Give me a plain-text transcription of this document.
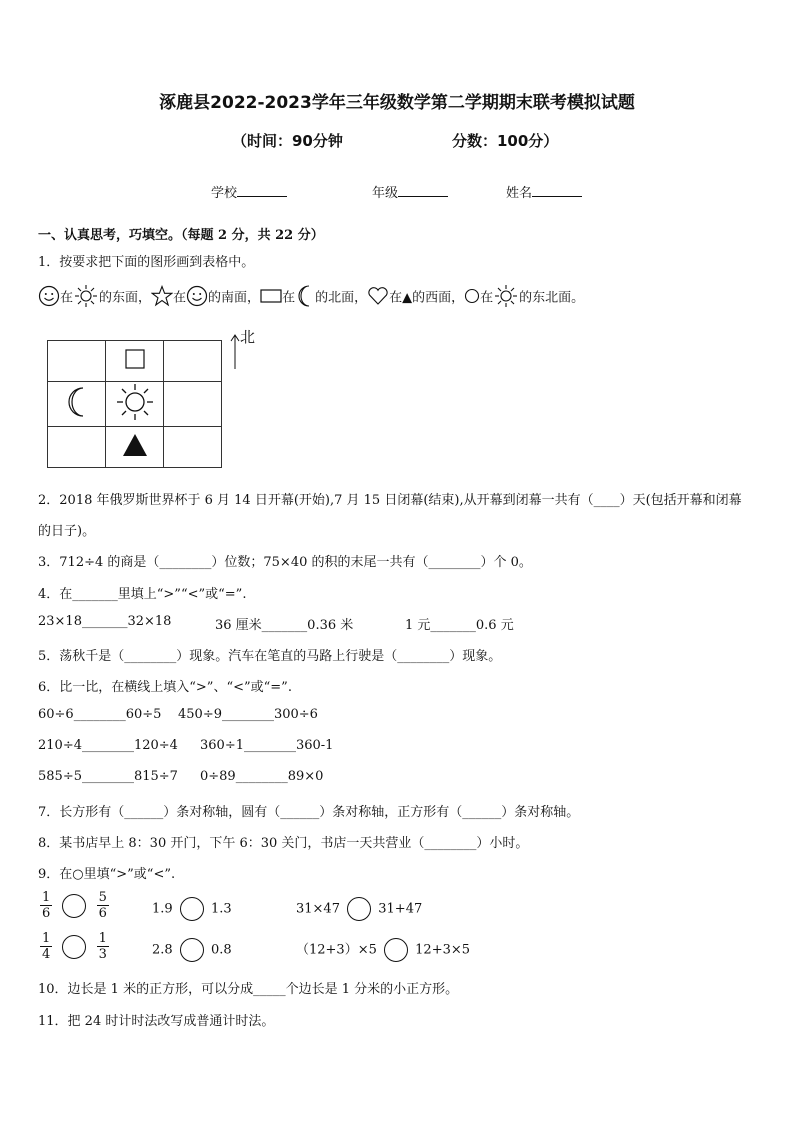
涿鹿县2022-2023学年三年级数学第二学期期末联考模拟试题
（时间：90分钟	分数：100分）
学校	年级	姓名
一、认真思考，巧填空。（每题 2 分，共 22 分）
1．按要求把下面的图形画到表格中。
在 的东面， 在 的南面， 在 的北面， 在▲的西面， 在 的东北面。

北
2．2018 年俄罗斯世界杯于 6 月 14 日开幕(开始),7 月 15 日闭幕(结束),从开幕到闭幕一共有（____）天(包括开幕和闭幕
的日子)。
3．712÷4 的商是（________）位数；75×40 的积的末尾一共有（________）个 0。
4．在_______里填上“>”“<”或“=”.
23×18_______32×18	36 厘米_______0.36 米	1 元_______0.6 元
5．荡秋千是（________）现象。汽车在笔直的马路上行驶是（________）现象。
6．比一比，在横线上填入“>”、“<”或“=”.
60÷6________60÷5 450÷9________300÷6
210÷4________120÷4 360÷1________360-1
585÷5________815÷7 0÷89________89×0
7．长方形有（______）条对称轴，圆有（______）条对称轴，正方形有（______）条对称轴。
8．某书店早上 8：30 开门，下午 6：30 关门，书店一天共营业（________）小时。
9．在○里填“>”或“<”.
$\frac{1}{6}$
	$\frac{5}{6}$	1.9	1.3	31×47	31+47
$\frac{1}{4}$
	$\frac{1}{3}$	2.8	0.8	（12+3）×5	12+3×5
10．边长是 1 米的正方形，可以分成_____个边长是 1 分米的小正方形。
11．把 24 时计时法改写成普通计时法。
